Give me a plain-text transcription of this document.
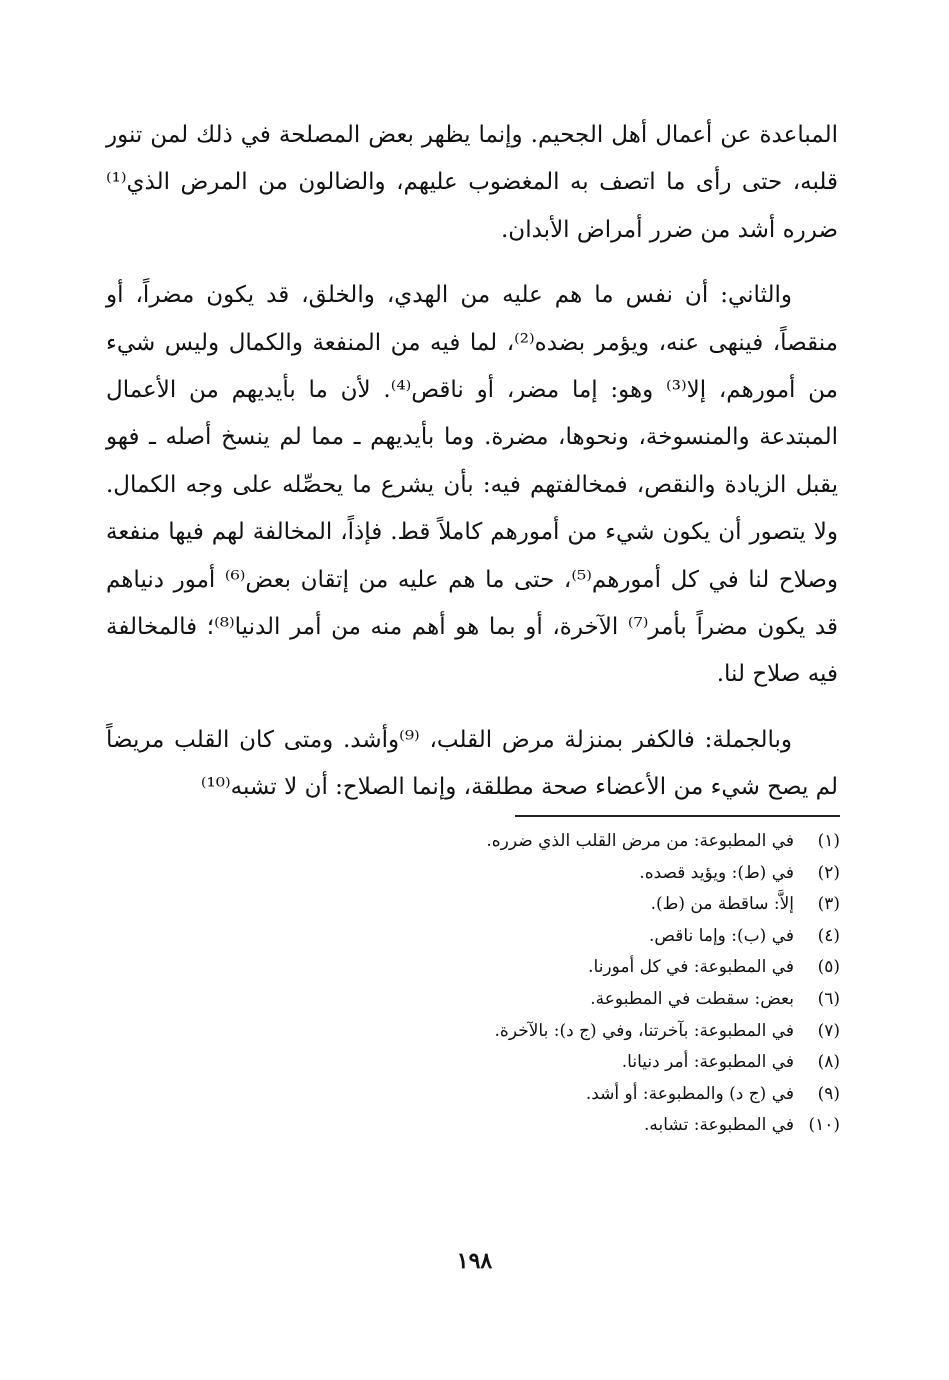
المباعدة عن أعمال أهل الجحيم. وإنما يظهر بعض المصلحة في ذلك لمن تنور قلبه، حتى رأى ما اتصف به المغضوب عليهم، والضالون من المرض الذي⁽¹⁾ ضرره أشد من ضرر أمراض الأبدان.

والثاني: أن نفس ما هم عليه من الهدي، والخلق، قد يكون مضراً، أو منقصاً، فينهى عنه، ويؤمر بضده⁽²⁾، لما فيه من المنفعة والكمال وليس شيء من أمورهم، إلا⁽³⁾ وهو: إما مضر، أو ناقص⁽⁴⁾. لأن ما بأيديهم من الأعمال المبتدعة والمنسوخة، ونحوها، مضرة. وما بأيديهم ـ مما لم ينسخ أصله ـ فهو يقبل الزيادة والنقص، فمخالفتهم فيه: بأن يشرع ما يحصِّله على وجه الكمال. ولا يتصور أن يكون شيء من أمورهم كاملاً قط. فإذاً، المخالفة لهم فيها منفعة وصلاح لنا في كل أمورهم⁽⁵⁾، حتى ما هم عليه من إتقان بعض⁽⁶⁾ أمور دنياهم قد يكون مضراً بأمر⁽⁷⁾ الآخرة، أو بما هو أهم منه من أمر الدنيا⁽⁸⁾؛ فالمخالفة فيه صلاح لنا.

وبالجملة: فالكفر بمنزلة مرض القلب، ⁽⁹⁾وأشد. ومتى كان القلب مريضاً لم يصح شيء من الأعضاء صحة مطلقة، وإنما الصلاح: أن لا تشبه⁽¹⁰⁾

(١)في المطبوعة: من مرض القلب الذي ضرره.
(٢)في (ط): ويؤيد قصده.
(٣)إلاَّ: ساقطة من (ط).
(٤)في (ب): وإما ناقص.
(٥)في المطبوعة: في كل أمورنا.
(٦)بعض: سقطت في المطبوعة.
(٧)في المطبوعة: بآخرتنا، وفي (ج د): بالآخرة.
(٨)في المطبوعة: أمر دنيانا.
(٩)في (ج د) والمطبوعة: أو أشد.
(١٠)في المطبوعة: تشابه.
١٩٨
